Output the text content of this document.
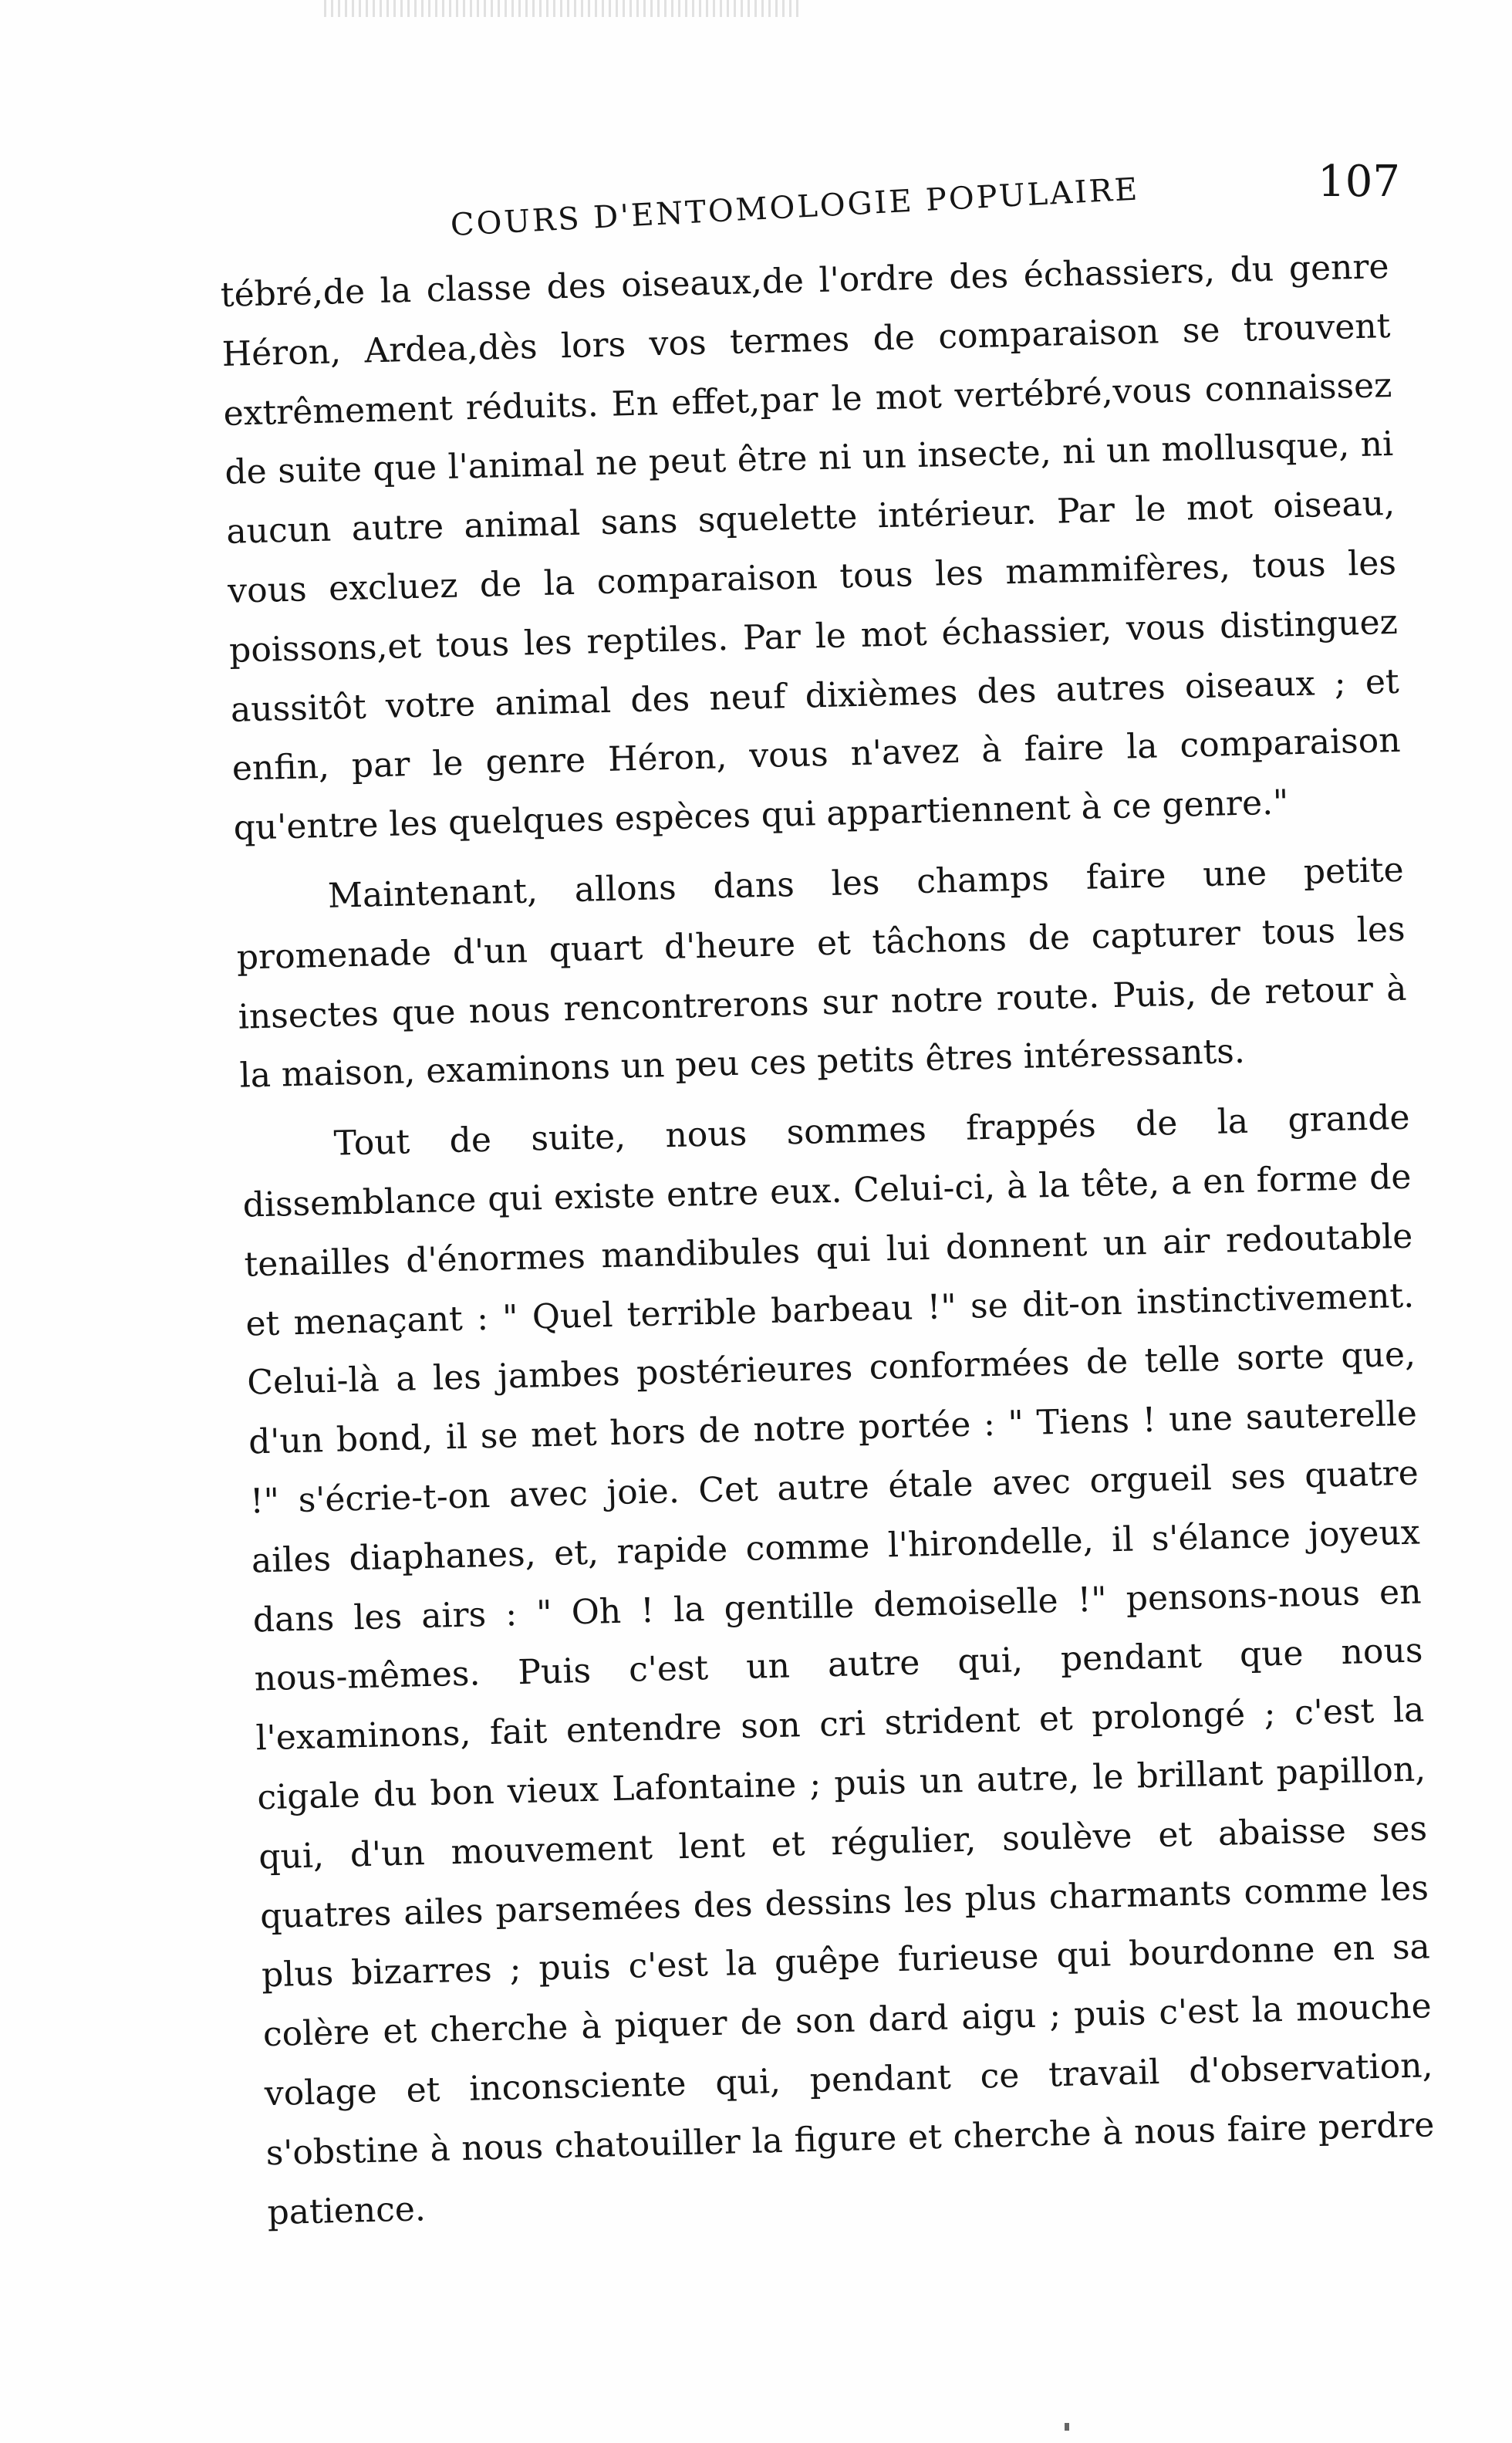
107
COURS D'ENTOMOLOGIE POPULAIRE

tébré,de la classe des oiseaux,de l'ordre des échassiers, du genre Héron, Ardea,dès lors vos termes de comparaison se trouvent extrêmement réduits. En effet,par le mot vertébré,vous connaissez de suite que l'animal ne peut être ni un insecte, ni un mollusque, ni aucun autre animal sans squelette intérieur. Par le mot oiseau, vous excluez de la comparaison tous les mammifères, tous les poissons,et tous les reptiles. Par le mot échassier, vous distinguez aussitôt votre animal des neuf dixièmes des autres oiseaux ; et enfin, par le genre Héron, vous n'avez à faire la comparaison qu'entre les quelques espèces qui appartiennent à ce genre."

Maintenant, allons dans les champs faire une petite promenade d'un quart d'heure et tâchons de capturer tous les insectes que nous rencontrerons sur notre route. Puis, de retour à la maison, examinons un peu ces petits êtres intéressants.

Tout de suite, nous sommes frappés de la grande dissemblance qui existe entre eux. Celui-ci, à la tête, a en forme de tenailles d'énormes mandibules qui lui donnent un air redoutable et menaçant : " Quel terrible barbeau !" se dit-on instinctivement. Celui-là a les jambes postérieures conformées de telle sorte que, d'un bond, il se met hors de notre portée : " Tiens ! une sauterelle !" s'écrie-t-on avec joie. Cet autre étale avec orgueil ses quatre ailes diaphanes, et, rapide comme l'hirondelle, il s'élance joyeux dans les airs : " Oh ! la gentille demoiselle !" pensons-nous en nous-mêmes. Puis c'est un autre qui, pendant que nous l'examinons, fait entendre son cri strident et prolongé ; c'est la cigale du bon vieux Lafontaine ; puis un autre, le brillant papillon, qui, d'un mouvement lent et régulier, soulève et abaisse ses quatres ailes parsemées des dessins les plus charmants comme les plus bizarres ; puis c'est la guêpe furieuse qui bourdonne en sa colère et cherche à piquer de son dard aigu ; puis c'est la mouche volage et inconsciente qui, pendant ce travail d'observation, s'obstine à nous chatouiller la figure et cherche à nous faire perdre patience.
